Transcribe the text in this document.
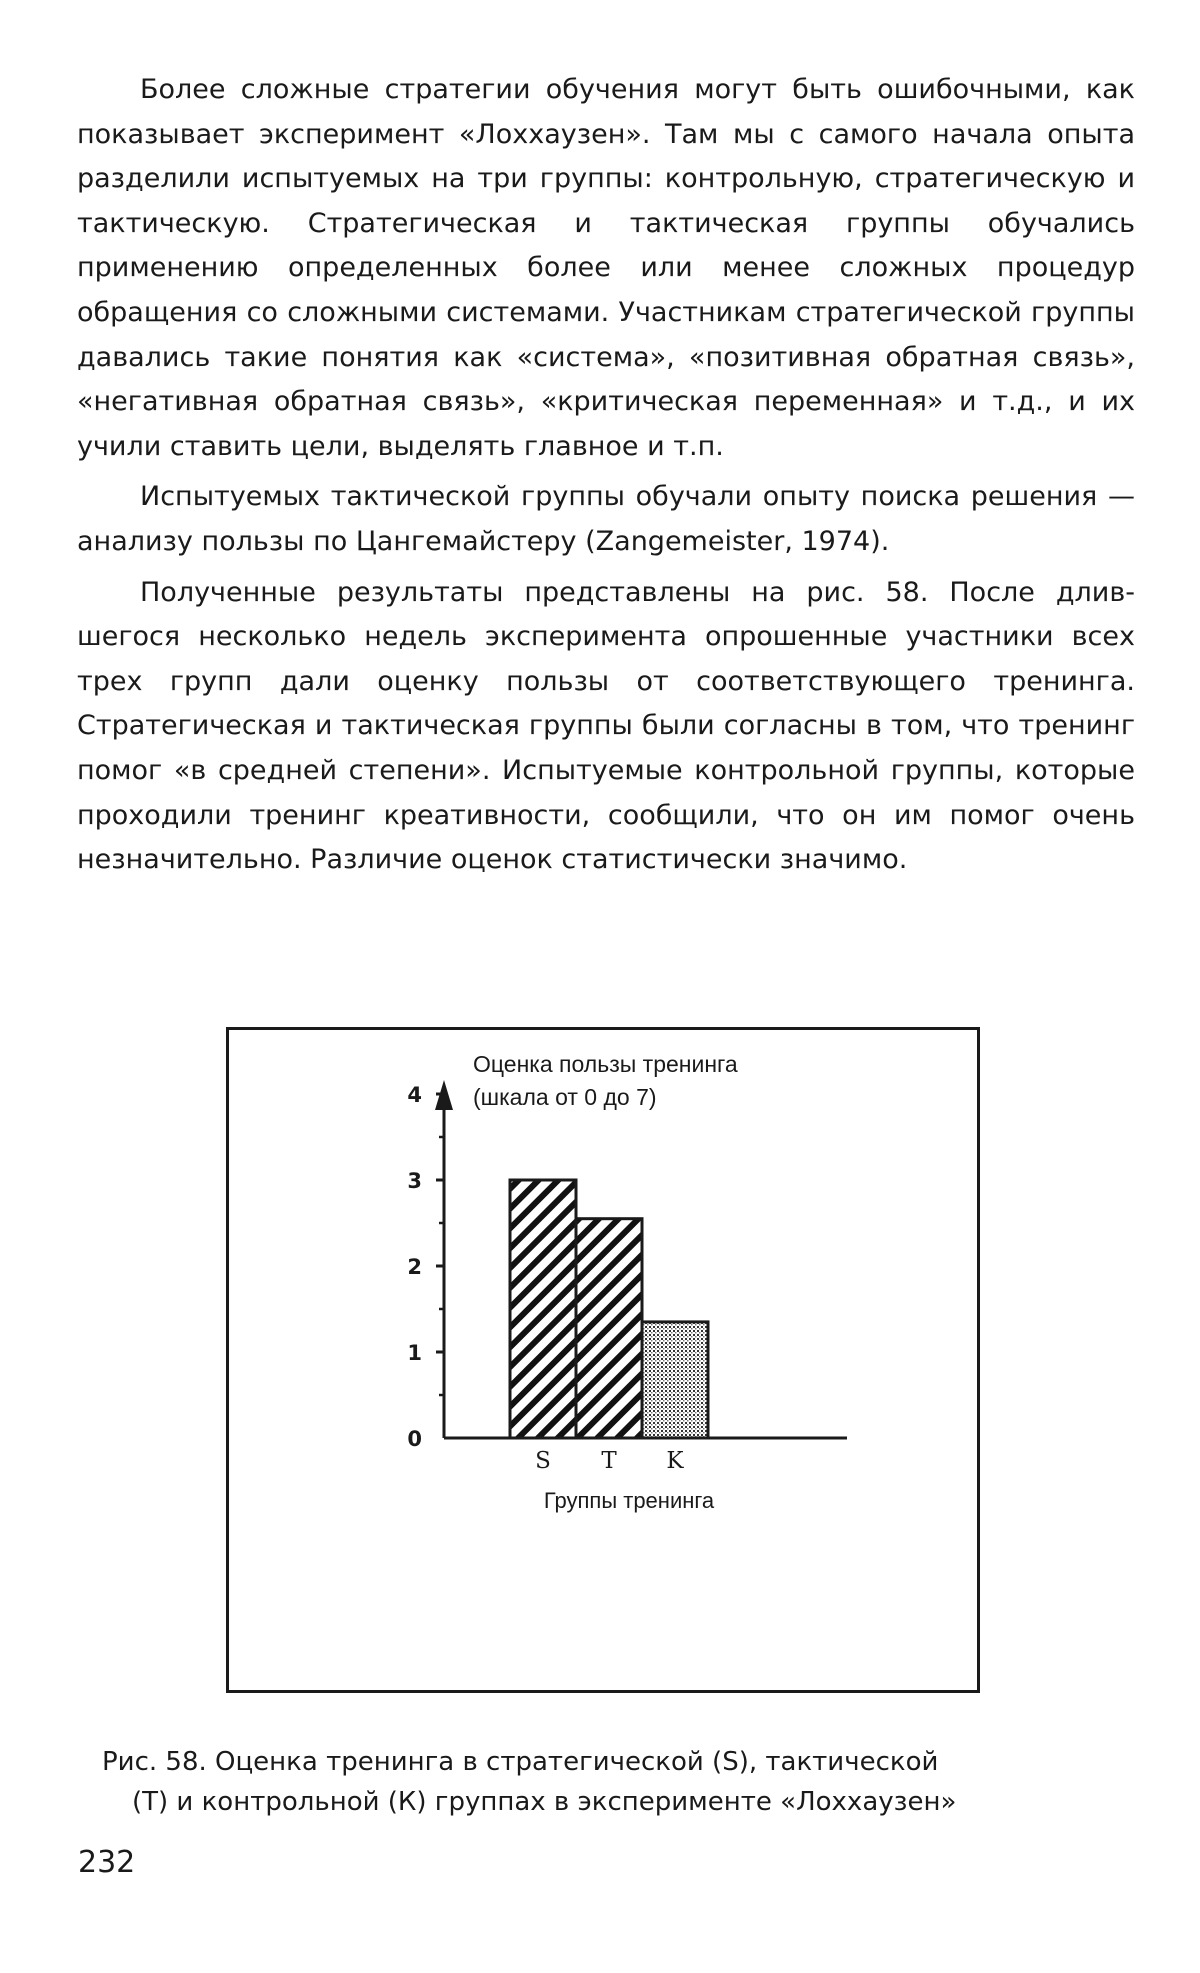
Более сложные стратегии обучения могут быть ошибочными, как показывает эксперимент «Лоххаузен». Там мы с самого начала опыта разделили испытуемых на три группы: контрольную, стратегическую и тактическую. Стратегическая и тактическая группы обучались применению определенных более или менее сложных процедур обращения со сложными системами. Участникам стратегической группы давались такие понятия как «система», «позитивная обратная связь», «негативная обратная связь», «критическая переменная» и т.д., и их учили ставить цели, выделять главное и т.п.

Испытуемых тактической группы обучали опыту поиска решения — анализу пользы по Цангемайстеру (Zangemeister, 1974).

Полученные результаты представлены на рис. 58. После длившегося несколько недель эксперимента опрошенные участники всех трех групп дали оценку пользы от соответствующего тренинга. Стратегическая и тактическая группы были согласны в том, что тренинг помог «в средней степени». Испытуемые контрольной группы, которые проходили тренинг креативности, сообщили, что он им помог очень незначительно. Различие оценок статистически значимо.

Оценка пользы тренинга
(шкала от 0 до 7)
0
1
2
3
4
S T K
Группы тренинга
Рис. 58. Оценка тренинга в стратегической (S), тактической
(Т) и контрольной (К) группах в эксперименте «Лоххаузен»
232
